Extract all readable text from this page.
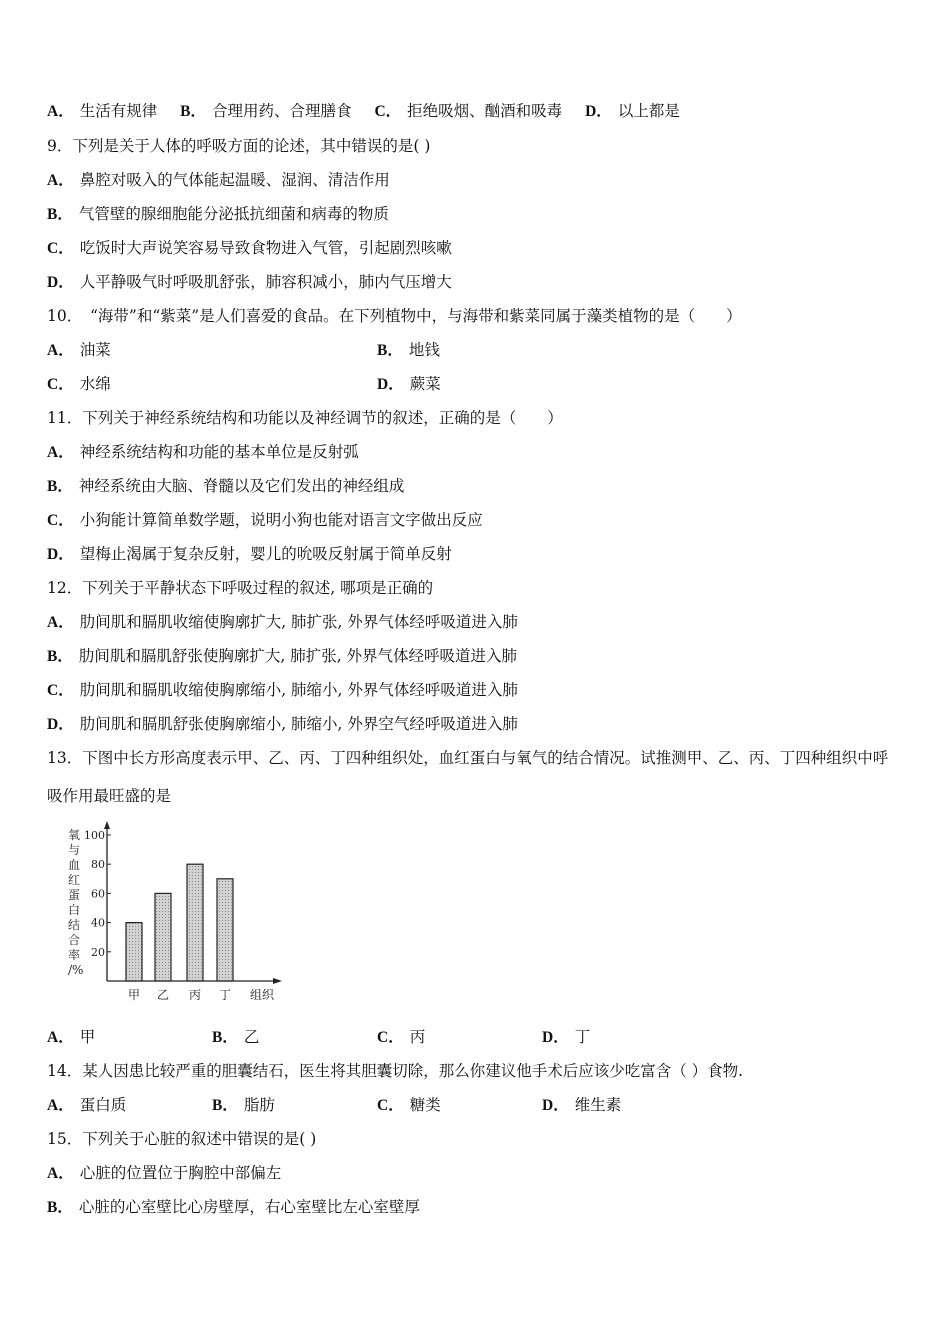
A． 生活有规律 B． 合理用药、合理膳食 C． 拒绝吸烟、酗酒和吸毒 D． 以上都是
9．下列是关于人体的呼吸方面的论述，其中错误的是( )
A． 鼻腔对吸入的气体能起温暖、湿润、清洁作用
B． 气管壁的腺细胞能分泌抵抗细菌和病毒的物质
C． 吃饭时大声说笑容易导致食物进入气管，引起剧烈咳嗽
D． 人平静吸气时呼吸肌舒张，肺容积减小，肺内气压增大
10．　“海带”和“紫菜”是人们喜爱的食品。在下列植物中，与海带和紫菜同属于藻类植物的是（　　）
A． 油菜	B． 地钱
C． 水绵	D． 蕨菜
11．下列关于神经系统结构和功能以及神经调节的叙述，正确的是（　　）
A． 神经系统结构和功能的基本单位是反射弧
B． 神经系统由大脑、脊髓以及它们发出的神经组成
C． 小狗能计算简单数学题，说明小狗也能对语言文字做出反应
D． 望梅止渴属于复杂反射，婴儿的吮吸反射属于简单反射
12．下列关于平静状态下呼吸过程的叙述, 哪项是正确的
A． 肋间肌和膈肌收缩使胸廓扩大, 肺扩张, 外界气体经呼吸道进入肺
B． 肋间肌和膈肌舒张使胸廓扩大, 肺扩张, 外界气体经呼吸道进入肺
C． 肋间肌和膈肌收缩使胸廓缩小, 肺缩小, 外界气体经呼吸道进入肺
D． 肋间肌和膈肌舒张使胸廓缩小, 肺缩小, 外界空气经呼吸道进入肺
13．下图中长方形高度表示甲、乙、丙、丁四种组织处，血红蛋白与氧气的结合情况。试推测甲、乙、丙、丁四种组织中呼
吸作用最旺盛的是
氧
与
血
红
蛋
白
结
合
率
/%
20
40
60
80
100
甲 乙 丙 丁 组织
A． 甲	B． 乙	C． 丙	D． 丁
14．某人因患比较严重的胆囊结石，医生将其胆囊切除，那么你建议他手术后应该少吃富含（ ）食物.
A． 蛋白质	B． 脂肪	C． 糖类	D． 维生素
15．下列关于心脏的叙述中错误的是( )
A． 心脏的位置位于胸腔中部偏左
B． 心脏的心室壁比心房壁厚，右心室壁比左心室壁厚
